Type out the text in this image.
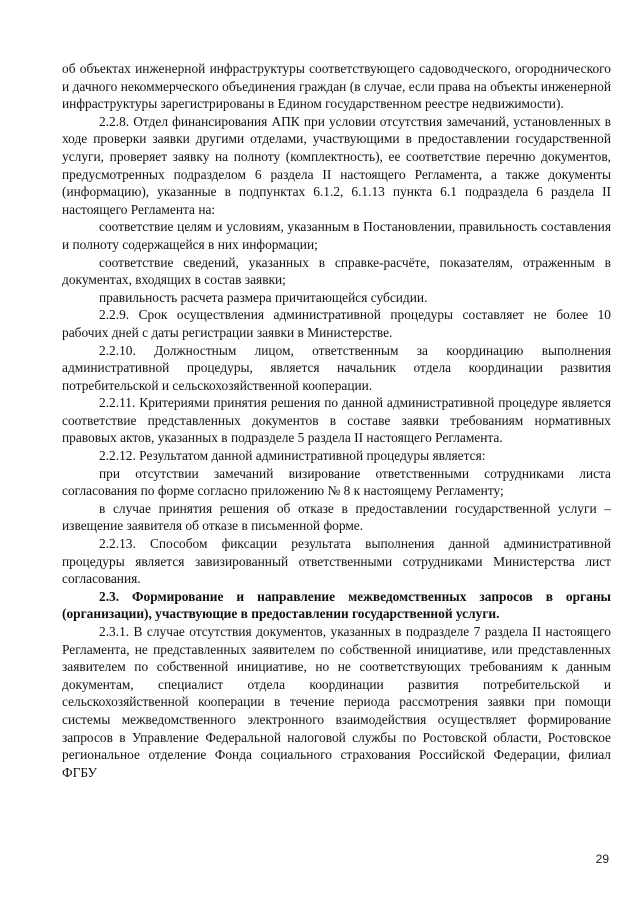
об объектах инженерной инфраструктуры соответствующего садоводческого, огороднического и дачного некоммерческого объединения граждан (в случае, если права на объекты инженерной инфраструктуры зарегистрированы в Едином государственном реестре недвижимости).

2.2.8. Отдел финансирования АПК при условии отсутствия замечаний, установленных в ходе проверки заявки другими отделами, участвующими в предоставлении государственной услуги, проверяет заявку на полноту (комплектность), ее соответствие перечню документов, предусмотренных подразделом 6 раздела II настоящего Регламента, а также документы (информацию), указанные в подпунктах 6.1.2, 6.1.13 пункта 6.1 подраздела 6 раздела II настоящего Регламента на:

соответствие целям и условиям, указанным в Постановлении, правильность составления и полноту содержащейся в них информации;

соответствие сведений, указанных в справке-расчёте, показателям, отраженным в документах, входящих в состав заявки;

правильность расчета размера причитающейся субсидии.

2.2.9. Срок осуществления административной процедуры составляет не более 10 рабочих дней с даты регистрации заявки в Министерстве.

2.2.10. Должностным лицом, ответственным за координацию выполнения административной процедуры, является начальник отдела координации развития потребительской и сельскохозяйственной кооперации.

2.2.11. Критериями принятия решения по данной административной процедуре является соответствие представленных документов в составе заявки требованиям нормативных правовых актов, указанных в подразделе 5 раздела II настоящего Регламента.

2.2.12. Результатом данной административной процедуры является:

при отсутствии замечаний визирование ответственными сотрудниками листа согласования по форме согласно приложению № 8 к настоящему Регламенту;

в случае принятия решения об отказе в предоставлении государственной услуги – извещение заявителя об отказе в письменной форме.

2.2.13. Способом фиксации результата выполнения данной административной процедуры является завизированный ответственными сотрудниками Министерства лист согласования.

2.3. Формирование и направление межведомственных запросов в органы (организации), участвующие в предоставлении государственной услуги.

2.3.1. В случае отсутствия документов, указанных в подразделе 7 раздела II настоящего Регламента, не представленных заявителем по собственной инициативе, или представленных заявителем по собственной инициативе, но не соответствующих требованиям к данным документам, специалист отдела координации развития потребительской и сельскохозяйственной кооперации в течение периода рассмотрения заявки при помощи системы межведомственного электронного взаимодействия осуществляет формирование запросов в Управление Федеральной налоговой службы по Ростовской области, Ростовское региональное отделение Фонда социального страхования Российской Федерации, филиал ФГБУ

29
